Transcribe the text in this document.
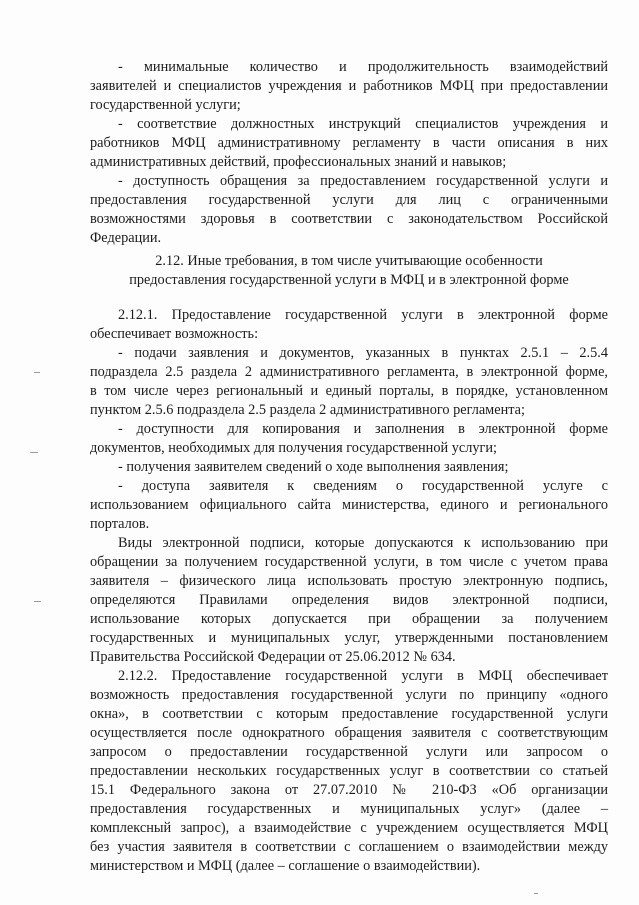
- минимальные количество и продолжительность взаимодействий
заявителей и специалистов учреждения и работников МФЦ при предоставлении
государственной услуги;
- соответствие должностных инструкций специалистов учреждения и
работников МФЦ административному регламенту в части описания в них
административных действий, профессиональных знаний и навыков;
- доступность обращения за предоставлением государственной услуги и
предоставления государственной услуги для лиц с ограниченными
возможностями здоровья в соответствии с законодательством Российской
Федерации.
2.12. Иные требования, в том числе учитывающие особенности
предоставления государственной услуги в МФЦ и в электронной форме
2.12.1. Предоставление государственной услуги в электронной форме
обеспечивает возможность:
- подачи заявления и документов, указанных в пунктах 2.5.1 – 2.5.4
подраздела 2.5 раздела 2 административного регламента, в электронной форме,
в том числе через региональный и единый порталы, в порядке, установленном
пунктом 2.5.6 подраздела 2.5 раздела 2 административного регламента;
- доступности для копирования и заполнения в электронной форме
документов, необходимых для получения государственной услуги;
- получения заявителем сведений о ходе выполнения заявления;
- доступа заявителя к сведениям о государственной услуге с
использованием официального сайта министерства, единого и регионального
порталов.
Виды электронной подписи, которые допускаются к использованию при
обращении за получением государственной услуги, в том числе с учетом права
заявителя – физического лица использовать простую электронную подпись,
определяются Правилами определения видов электронной подписи,
использование которых допускается при обращении за получением
государственных и муниципальных услуг, утвержденными постановлением
Правительства Российской Федерации от 25.06.2012 № 634.
2.12.2. Предоставление государственной услуги в МФЦ обеспечивает
возможность предоставления государственной услуги по принципу «одного
окна», в соответствии с которым предоставление государственной услуги
осуществляется после однократного обращения заявителя с соответствующим
запросом о предоставлении государственной услуги или запросом о
предоставлении нескольких государственных услуг в соответствии со статьей
15.1 Федерального закона от 27.07.2010 № 210-ФЗ «Об организации
предоставления государственных и муниципальных услуг» (далее –
комплексный запрос), а взаимодействие с учреждением осуществляется МФЦ
без участия заявителя в соответствии с соглашением о взаимодействии между
министерством и МФЦ (далее – соглашение о взаимодействии).
